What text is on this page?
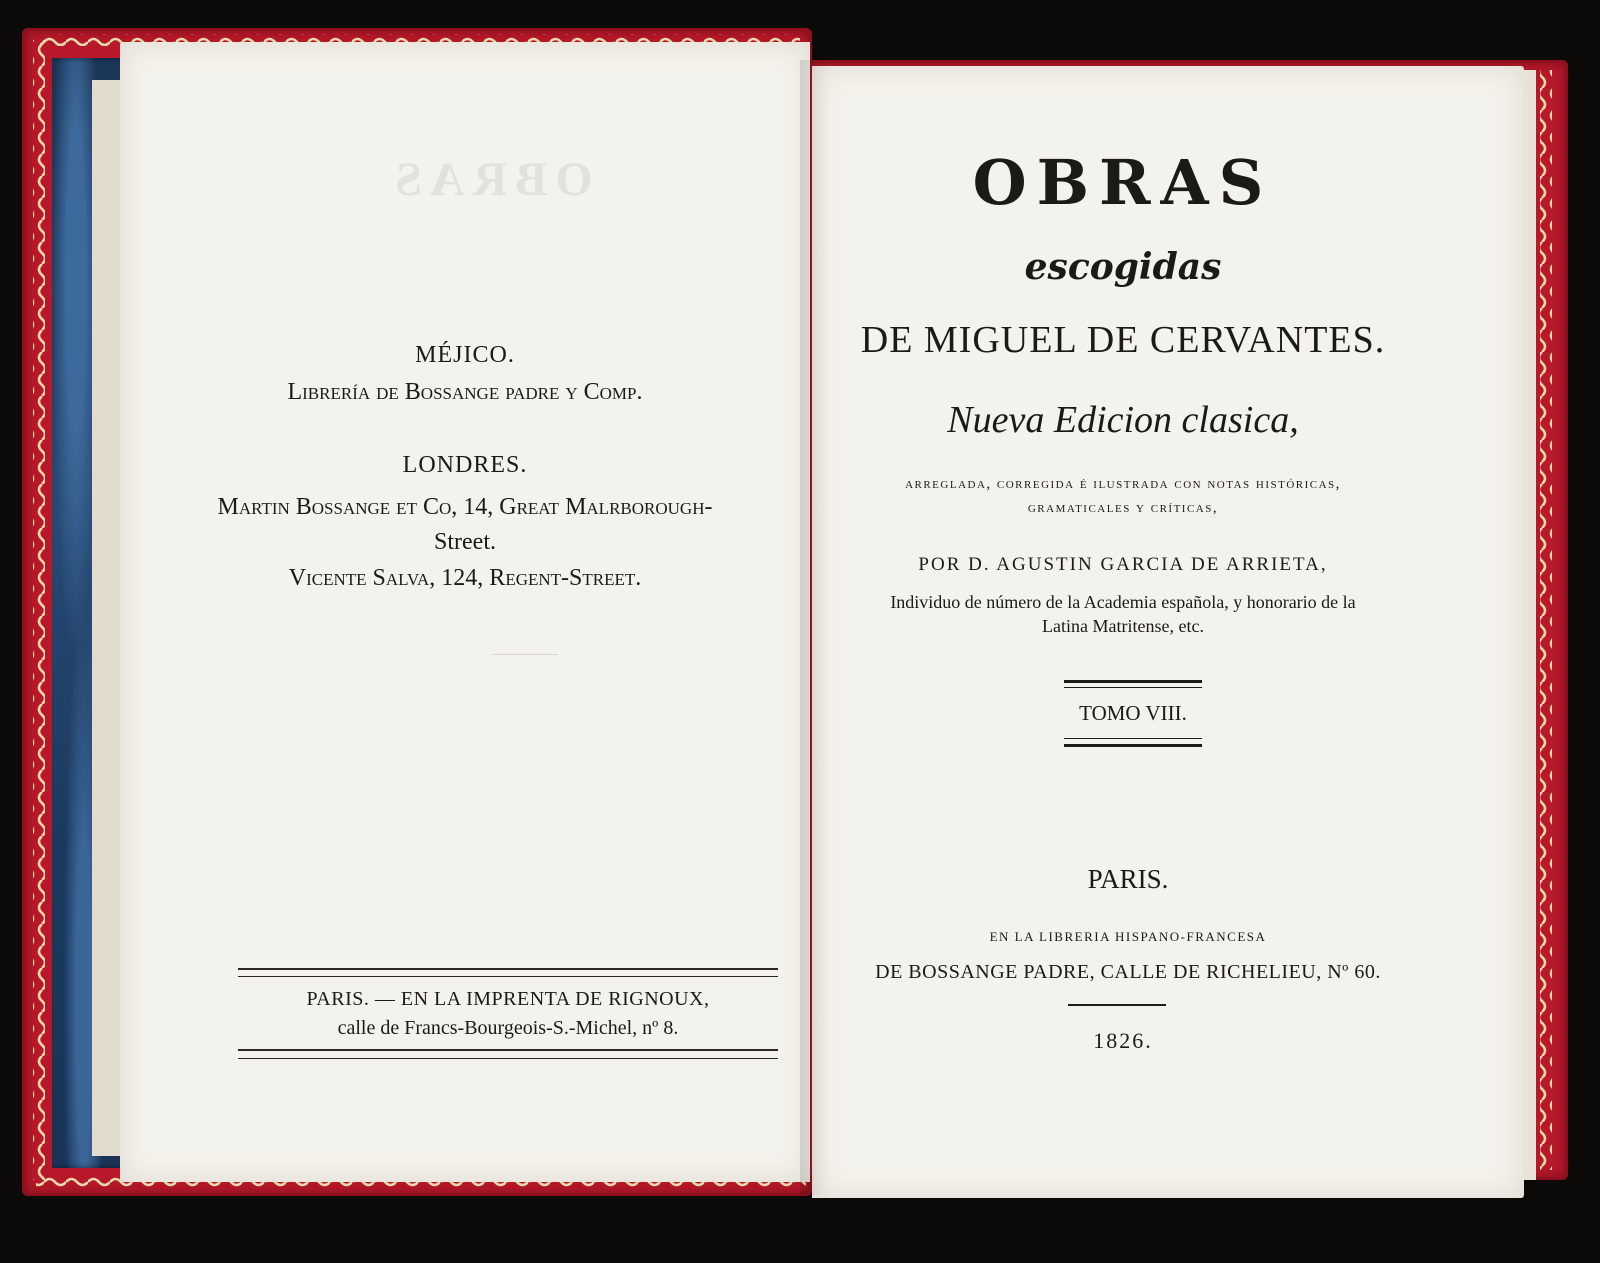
OBRAS
MÉJICO.
Librería de Bossange padre y Comp.
LONDRES.
Martin Bossange et Co, 14, Great Malrborough-
Street.
Vicente Salva, 124, Regent-Street.
PARIS. — EN LA IMPRENTA DE RIGNOUX,
calle de Francs-Bourgeois-S.-Michel, nº 8.
OBRAS
escogidas
DE MIGUEL DE CERVANTES.
Nueva Edicion clasica,
arreglada, corregida é ilustrada con notas históricas,
gramaticales y críticas,
POR D. AGUSTIN GARCIA DE ARRIETA,
Individuo de número de la Academia española, y honorario de la
Latina Matritense, etc.
TOMO VIII.
PARIS.
EN LA LIBRERIA HISPANO-FRANCESA
DE BOSSANGE PADRE, CALLE DE RICHELIEU, Nº 60.
1826.
